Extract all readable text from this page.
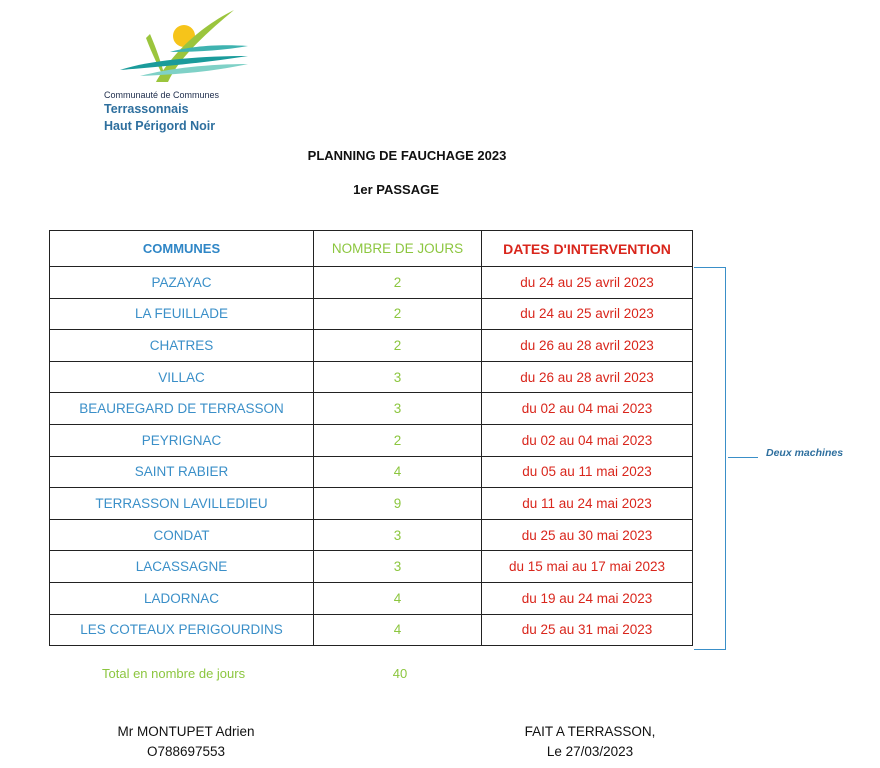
Communauté de Communes
Terrassonnais
Haut Périgord Noir
PLANNING DE FAUCHAGE 2023
1er PASSAGE
COMMUNES	NOMBRE DE JOURS	DATES D'INTERVENTION
PAZAYAC	2	du 24 au 25 avril 2023
LA FEUILLADE	2	du 24 au 25 avril 2023
CHATRES	2	du 26 au 28 avril 2023
VILLAC	3	du 26 au 28 avril 2023
BEAUREGARD DE TERRASSON	3	du 02 au 04 mai 2023
PEYRIGNAC	2	du 02 au 04 mai 2023
SAINT RABIER	4	du 05 au 11 mai 2023
TERRASSON LAVILLEDIEU	9	du 11 au 24 mai 2023
CONDAT	3	du 25 au 30 mai 2023
LACASSAGNE	3	du 15 mai au 17 mai 2023
LADORNAC	4	du 19 au 24 mai 2023
LES COTEAUX PERIGOURDINS	4	du 25 au 31 mai 2023
Deux machines
Total en nombre de jours	40
Mr MONTUPET Adrien
O788697553
FAIT A TERRASSON,
Le 27/03/2023
